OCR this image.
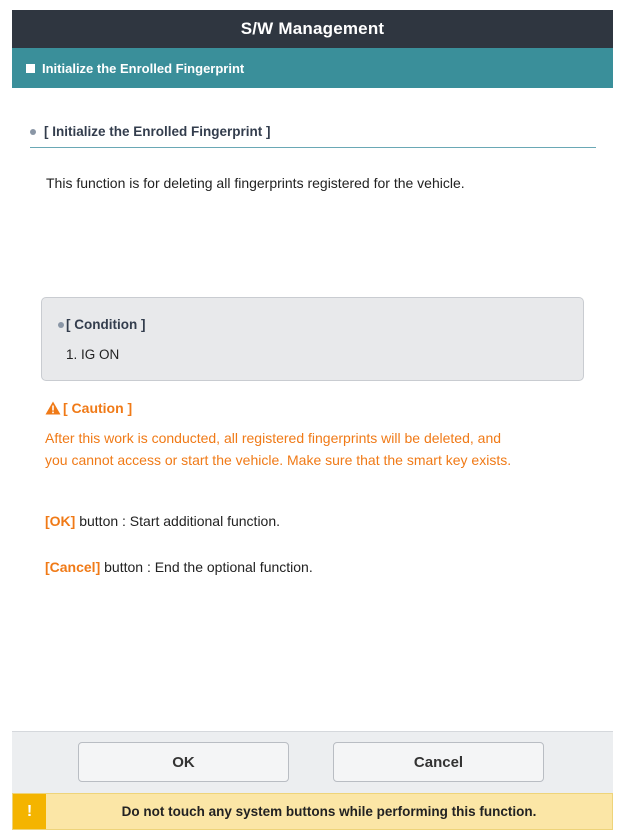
S/W Management
Initialize the Enrolled Fingerprint
[ Initialize the Enrolled Fingerprint ]
This function is for deleting all fingerprints registered for the vehicle.
[ Condition ]
1. IG ON
[ Caution ]
After this work is conducted, all registered fingerprints will be deleted, and
you cannot access or start the vehicle. Make sure that the smart key exists.
[OK] button : Start additional function.
[Cancel] button : End the optional function.
OK	Cancel
!	Do not touch any system buttons while performing this function.
